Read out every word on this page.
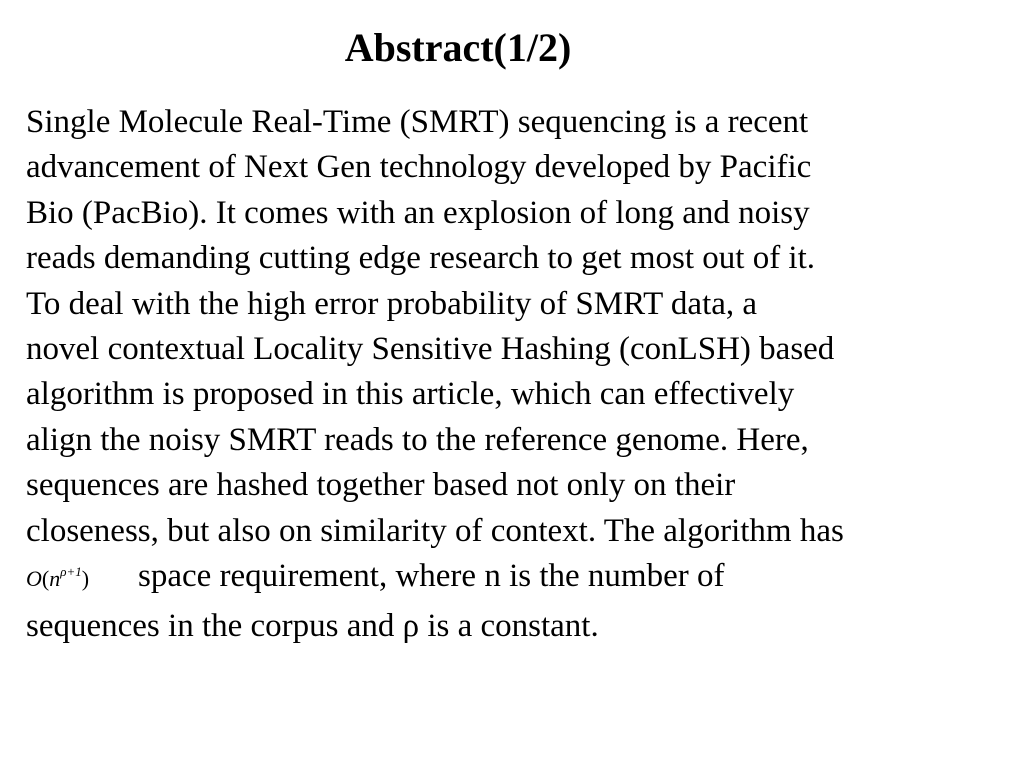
Abstract(1/2)
Single Molecule Real-Time (SMRT) sequencing is a recent
advancement of Next Gen technology developed by Pacific
Bio (PacBio). It comes with an explosion of long and noisy
reads demanding cutting edge research to get most out of it.
To deal with the high error probability of SMRT data, a
novel contextual Locality Sensitive Hashing (conLSH) based
algorithm is proposed in this article, which can effectively
align the noisy SMRT reads to the reference genome. Here,
sequences are hashed together based not only on their
closeness, but also on similarity of context. The algorithm has
$O(n^{\rho+1})$ space requirement, where n is the number of
sequences in the corpus and ρ is a constant.
